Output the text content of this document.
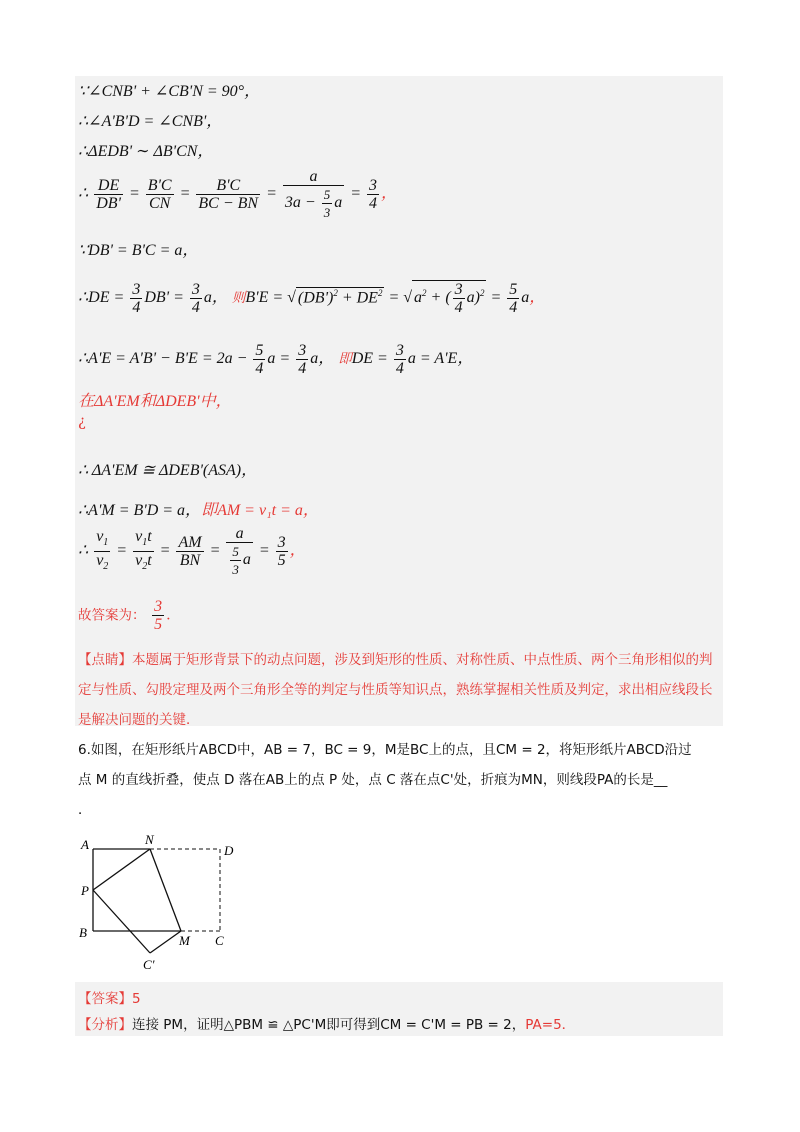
∵∠CNB' + ∠CB'N = 90°，
∴∠A'B'D = ∠CNB'，
∴ΔEDB' ∼ ΔB'CN，
∴ $\frac{DE}{DB'} = \frac{B'C}{CN} = \frac{B'C}{BC - BN} = \frac{a}{3a - \frac{5}{3} a} = \frac{3}{4}$ ，
∵DB' = B'C = a，
∴DE = $\frac{3}{4} DB' = \frac{3}{4}$ a， 则B'E = √ $(DB')^2 + DE^2$ = √ $a^2$ + ( $\frac{3}{4} a)^2 = \frac{5}{4}$ a，
∴A'E = $A'B' - B'E = 2a - \frac{5}{4}$ $a = \frac{3}{4}$ a， 即DE = $\frac{3}{4}$ a = A'E，
在ΔA'EM和ΔDEB'中，
¿
∴ ΔA'EM ≅ ΔDEB'(ASA)，
∴A'M = B'D = a，即AM = v₁t = a，
∴ $\frac{v_1}{v_2} = \frac{v_1t}{v_2t} = \frac{AM}{BN} = \frac{a}{\frac{5}{3} a} = \frac{3}{5}$ ，
故答案为： $\frac{3}{5}$ ．
【点睛】本题属于矩形背景下的动点问题，涉及到矩形的性质、对称性质、中点性质、两个三角形相似的判定与性质、勾股定理及两个三角形全等的判定与性质等知识点，熟练掌握相关性质及判定，求出相应线段长是解决问题的关键．
6.如图，在矩形纸片ABCD中，AB = 7，BC = 9，M是BC上的点，且CM = 2，将矩形纸片ABCD沿过
点 M 的直线折叠，使点 D 落在AB上的点 P 处，点 C 落在点C'处，折痕为MN，则线段PA的长是__
．
A	N
D
P
B
M C
C'
【答案】5
【分析】连接 PM，证明△PBM ≌ △PC'M即可得到CM = C'M = PB = 2，PA=5．
